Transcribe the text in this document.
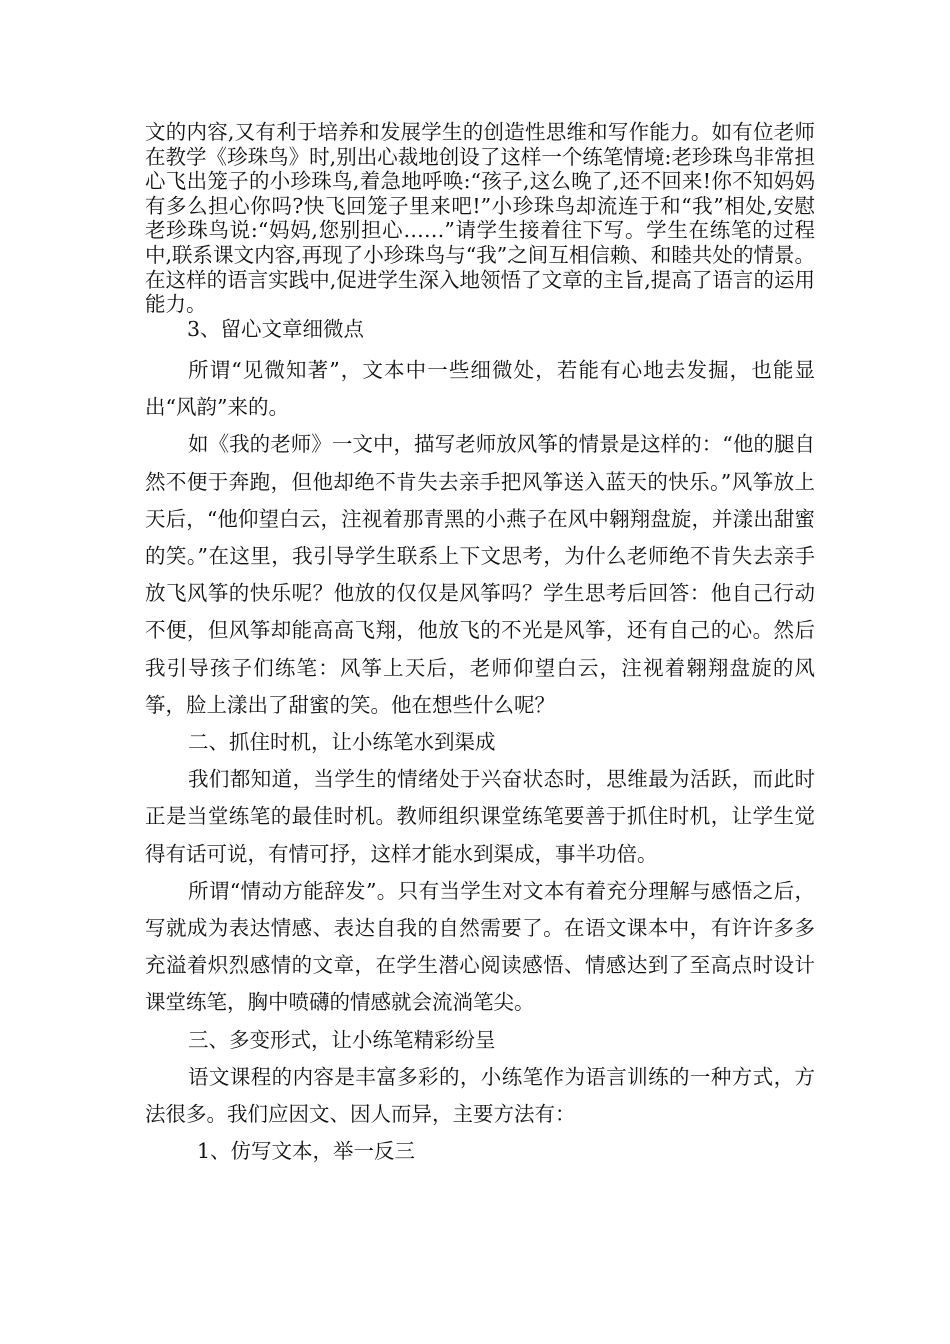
文的内容,又有利于培养和发展学生的创造性思维和写作能力。如有位老师在教学《珍珠鸟》时,别出心裁地创设了这样一个练笔情境:老珍珠鸟非常担心飞出笼子的小珍珠鸟,着急地呼唤:“孩子,这么晚了,还不回来!你不知妈妈有多么担心你吗?快飞回笼子里来吧!”小珍珠鸟却流连于和“我”相处,安慰老珍珠鸟说:“妈妈,您别担心……”请学生接着往下写。学生在练笔的过程中,联系课文内容,再现了小珍珠鸟与“我”之间互相信赖、和睦共处的情景。在这样的语言实践中,促进学生深入地领悟了文章的主旨,提高了语言的运用能力。

3、留心文章细微点

所谓“见微知著”，文本中一些细微处，若能有心地去发掘，也能显出“风韵”来的。

如《我的老师》一文中，描写老师放风筝的情景是这样的：“他的腿自然不便于奔跑，但他却绝不肯失去亲手把风筝送入蓝天的快乐。”风筝放上天后，“他仰望白云，注视着那青黑的小燕子在风中翱翔盘旋，并漾出甜蜜的笑。”在这里，我引导学生联系上下文思考，为什么老师绝不肯失去亲手放飞风筝的快乐呢？他放的仅仅是风筝吗？学生思考后回答：他自己行动不便，但风筝却能高高飞翔，他放飞的不光是风筝，还有自己的心。然后我引导孩子们练笔：风筝上天后，老师仰望白云，注视着翱翔盘旋的风筝，脸上漾出了甜蜜的笑。他在想些什么呢？

二、抓住时机，让小练笔水到渠成

我们都知道，当学生的情绪处于兴奋状态时，思维最为活跃，而此时正是当堂练笔的最佳时机。教师组织课堂练笔要善于抓住时机，让学生觉得有话可说，有情可抒，这样才能水到渠成，事半功倍。

所谓“情动方能辞发”。只有当学生对文本有着充分理解与感悟之后，写就成为表达情感、表达自我的自然需要了。在语文课本中，有许许多多充溢着炽烈感情的文章，在学生潜心阅读感悟、情感达到了至高点时设计课堂练笔，胸中喷礴的情感就会流淌笔尖。

三、多变形式，让小练笔精彩纷呈

语文课程的内容是丰富多彩的，小练笔作为语言训练的一种方式，方法很多。我们应因文、因人而异，主要方法有：

1、仿写文本，举一反三
